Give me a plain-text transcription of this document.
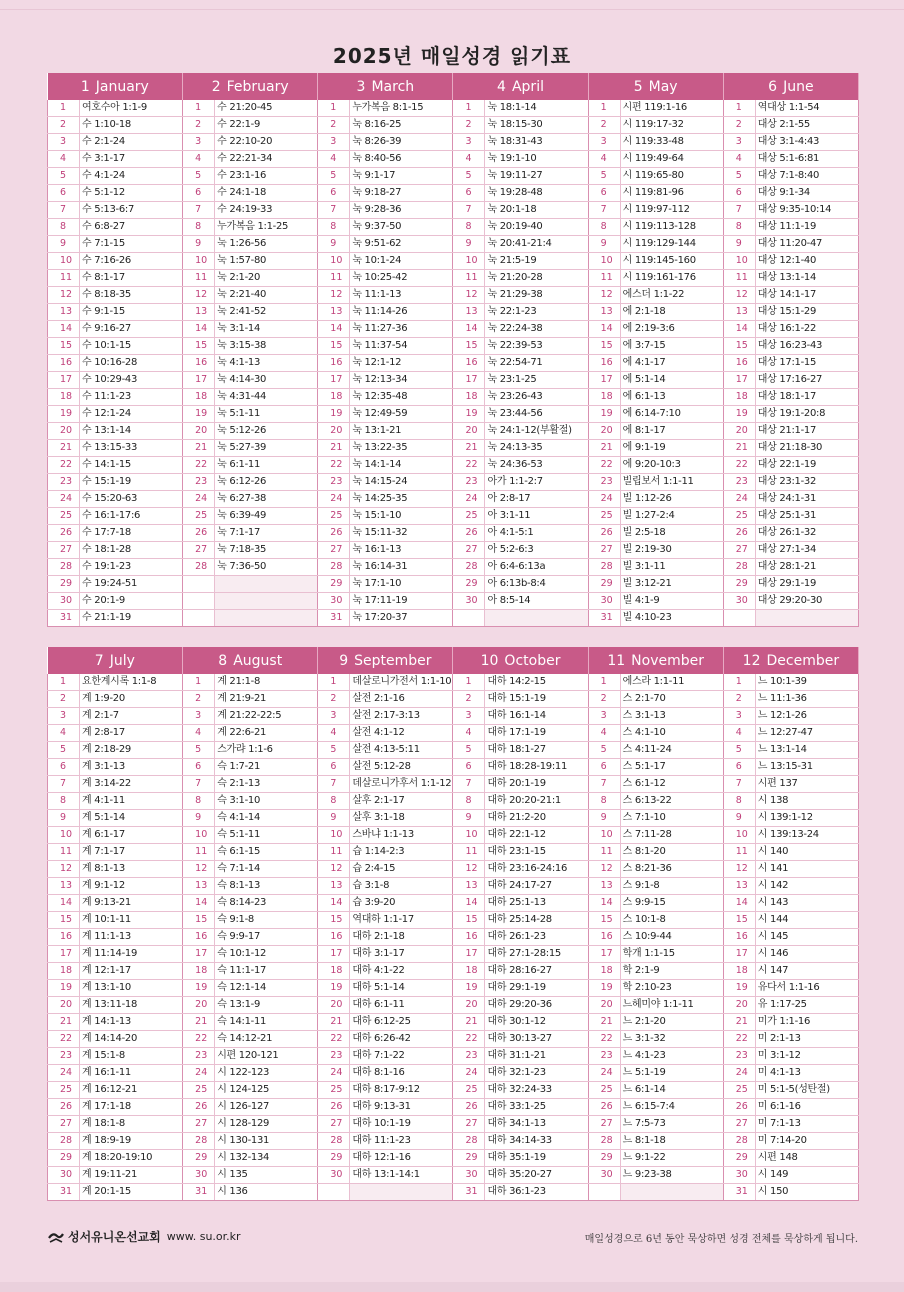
2025년 매일성경 읽기표
1 January		2 February		3 March		4 April		5 May		6 June	
1	여호수아 1:1-9	1	수 21:20-45	1	누가복음 8:1-15	1	눅 18:1-14	1	시편 119:1-16	1	역대상 1:1-54
2	수 1:10-18	2	수 22:1-9	2	눅 8:16-25	2	눅 18:15-30	2	시 119:17-32	2	대상 2:1-55
3	수 2:1-24	3	수 22:10-20	3	눅 8:26-39	3	눅 18:31-43	3	시 119:33-48	3	대상 3:1-4:43
4	수 3:1-17	4	수 22:21-34	4	눅 8:40-56	4	눅 19:1-10	4	시 119:49-64	4	대상 5:1-6:81
5	수 4:1-24	5	수 23:1-16	5	눅 9:1-17	5	눅 19:11-27	5	시 119:65-80	5	대상 7:1-8:40
6	수 5:1-12	6	수 24:1-18	6	눅 9:18-27	6	눅 19:28-48	6	시 119:81-96	6	대상 9:1-34
7	수 5:13-6:7	7	수 24:19-33	7	눅 9:28-36	7	눅 20:1-18	7	시 119:97-112	7	대상 9:35-10:14
8	수 6:8-27	8	누가복음 1:1-25	8	눅 9:37-50	8	눅 20:19-40	8	시 119:113-128	8	대상 11:1-19
9	수 7:1-15	9	눅 1:26-56	9	눅 9:51-62	9	눅 20:41-21:4	9	시 119:129-144	9	대상 11:20-47
10	수 7:16-26	10	눅 1:57-80	10	눅 10:1-24	10	눅 21:5-19	10	시 119:145-160	10	대상 12:1-40
11	수 8:1-17	11	눅 2:1-20	11	눅 10:25-42	11	눅 21:20-28	11	시 119:161-176	11	대상 13:1-14
12	수 8:18-35	12	눅 2:21-40	12	눅 11:1-13	12	눅 21:29-38	12	에스더 1:1-22	12	대상 14:1-17
13	수 9:1-15	13	눅 2:41-52	13	눅 11:14-26	13	눅 22:1-23	13	에 2:1-18	13	대상 15:1-29
14	수 9:16-27	14	눅 3:1-14	14	눅 11:27-36	14	눅 22:24-38	14	에 2:19-3:6	14	대상 16:1-22
15	수 10:1-15	15	눅 3:15-38	15	눅 11:37-54	15	눅 22:39-53	15	에 3:7-15	15	대상 16:23-43
16	수 10:16-28	16	눅 4:1-13	16	눅 12:1-12	16	눅 22:54-71	16	에 4:1-17	16	대상 17:1-15
17	수 10:29-43	17	눅 4:14-30	17	눅 12:13-34	17	눅 23:1-25	17	에 5:1-14	17	대상 17:16-27
18	수 11:1-23	18	눅 4:31-44	18	눅 12:35-48	18	눅 23:26-43	18	에 6:1-13	18	대상 18:1-17
19	수 12:1-24	19	눅 5:1-11	19	눅 12:49-59	19	눅 23:44-56	19	에 6:14-7:10	19	대상 19:1-20:8
20	수 13:1-14	20	눅 5:12-26	20	눅 13:1-21	20	눅 24:1-12(부활절)	20	에 8:1-17	20	대상 21:1-17
21	수 13:15-33	21	눅 5:27-39	21	눅 13:22-35	21	눅 24:13-35	21	에 9:1-19	21	대상 21:18-30
22	수 14:1-15	22	눅 6:1-11	22	눅 14:1-14	22	눅 24:36-53	22	에 9:20-10:3	22	대상 22:1-19
23	수 15:1-19	23	눅 6:12-26	23	눅 14:15-24	23	아가 1:1-2:7	23	빌립보서 1:1-11	23	대상 23:1-32
24	수 15:20-63	24	눅 6:27-38	24	눅 14:25-35	24	아 2:8-17	24	빌 1:12-26	24	대상 24:1-31
25	수 16:1-17:6	25	눅 6:39-49	25	눅 15:1-10	25	아 3:1-11	25	빌 1:27-2:4	25	대상 25:1-31
26	수 17:7-18	26	눅 7:1-17	26	눅 15:11-32	26	아 4:1-5:1	26	빌 2:5-18	26	대상 26:1-32
27	수 18:1-28	27	눅 7:18-35	27	눅 16:1-13	27	아 5:2-6:3	27	빌 2:19-30	27	대상 27:1-34
28	수 19:1-23	28	눅 7:36-50	28	눅 16:14-31	28	아 6:4-6:13a	28	빌 3:1-11	28	대상 28:1-21
29	수 19:24-51			29	눅 17:1-10	29	아 6:13b-8:4	29	빌 3:12-21	29	대상 29:1-19
30	수 20:1-9			30	눅 17:11-19	30	아 8:5-14	30	빌 4:1-9	30	대상 29:20-30
31	수 21:1-19			31	눅 17:20-37			31	빌 4:10-23		
7 July		8 August		9 September		10 October		11 November		12 December	
1	요한계시록 1:1-8	1	계 21:1-8	1	데살로니가전서 1:1-10	1	대하 14:2-15	1	에스라 1:1-11	1	느 10:1-39
2	계 1:9-20	2	계 21:9-21	2	살전 2:1-16	2	대하 15:1-19	2	스 2:1-70	2	느 11:1-36
3	계 2:1-7	3	계 21:22-22:5	3	살전 2:17-3:13	3	대하 16:1-14	3	스 3:1-13	3	느 12:1-26
4	계 2:8-17	4	계 22:6-21	4	살전 4:1-12	4	대하 17:1-19	4	스 4:1-10	4	느 12:27-47
5	계 2:18-29	5	스가랴 1:1-6	5	살전 4:13-5:11	5	대하 18:1-27	5	스 4:11-24	5	느 13:1-14
6	계 3:1-13	6	슥 1:7-21	6	살전 5:12-28	6	대하 18:28-19:11	6	스 5:1-17	6	느 13:15-31
7	계 3:14-22	7	슥 2:1-13	7	데살로니가후서 1:1-12	7	대하 20:1-19	7	스 6:1-12	7	시편 137
8	계 4:1-11	8	슥 3:1-10	8	살후 2:1-17	8	대하 20:20-21:1	8	스 6:13-22	8	시 138
9	계 5:1-14	9	슥 4:1-14	9	살후 3:1-18	9	대하 21:2-20	9	스 7:1-10	9	시 139:1-12
10	계 6:1-17	10	슥 5:1-11	10	스바냐 1:1-13	10	대하 22:1-12	10	스 7:11-28	10	시 139:13-24
11	계 7:1-17	11	슥 6:1-15	11	습 1:14-2:3	11	대하 23:1-15	11	스 8:1-20	11	시 140
12	계 8:1-13	12	슥 7:1-14	12	습 2:4-15	12	대하 23:16-24:16	12	스 8:21-36	12	시 141
13	계 9:1-12	13	슥 8:1-13	13	습 3:1-8	13	대하 24:17-27	13	스 9:1-8	13	시 142
14	계 9:13-21	14	슥 8:14-23	14	습 3:9-20	14	대하 25:1-13	14	스 9:9-15	14	시 143
15	계 10:1-11	15	슥 9:1-8	15	역대하 1:1-17	15	대하 25:14-28	15	스 10:1-8	15	시 144
16	계 11:1-13	16	슥 9:9-17	16	대하 2:1-18	16	대하 26:1-23	16	스 10:9-44	16	시 145
17	계 11:14-19	17	슥 10:1-12	17	대하 3:1-17	17	대하 27:1-28:15	17	학개 1:1-15	17	시 146
18	계 12:1-17	18	슥 11:1-17	18	대하 4:1-22	18	대하 28:16-27	18	학 2:1-9	18	시 147
19	계 13:1-10	19	슥 12:1-14	19	대하 5:1-14	19	대하 29:1-19	19	학 2:10-23	19	유다서 1:1-16
20	계 13:11-18	20	슥 13:1-9	20	대하 6:1-11	20	대하 29:20-36	20	느헤미야 1:1-11	20	유 1:17-25
21	계 14:1-13	21	슥 14:1-11	21	대하 6:12-25	21	대하 30:1-12	21	느 2:1-20	21	미가 1:1-16
22	계 14:14-20	22	슥 14:12-21	22	대하 6:26-42	22	대하 30:13-27	22	느 3:1-32	22	미 2:1-13
23	계 15:1-8	23	시편 120-121	23	대하 7:1-22	23	대하 31:1-21	23	느 4:1-23	23	미 3:1-12
24	계 16:1-11	24	시 122-123	24	대하 8:1-16	24	대하 32:1-23	24	느 5:1-19	24	미 4:1-13
25	계 16:12-21	25	시 124-125	25	대하 8:17-9:12	25	대하 32:24-33	25	느 6:1-14	25	미 5:1-5(성탄절)
26	계 17:1-18	26	시 126-127	26	대하 9:13-31	26	대하 33:1-25	26	느 6:15-7:4	26	미 6:1-16
27	계 18:1-8	27	시 128-129	27	대하 10:1-19	27	대하 34:1-13	27	느 7:5-73	27	미 7:1-13
28	계 18:9-19	28	시 130-131	28	대하 11:1-23	28	대하 34:14-33	28	느 8:1-18	28	미 7:14-20
29	계 18:20-19:10	29	시 132-134	29	대하 12:1-16	29	대하 35:1-19	29	느 9:1-22	29	시편 148
30	계 19:11-21	30	시 135	30	대하 13:1-14:1	30	대하 35:20-27	30	느 9:23-38	30	시 149
31	계 20:1-15	31	시 136			31	대하 36:1-23			31	시 150
성서유니온선교회 www. su.or.kr	매일성경으로 6년 동안 묵상하면 성경 전체를 묵상하게 됩니다.
